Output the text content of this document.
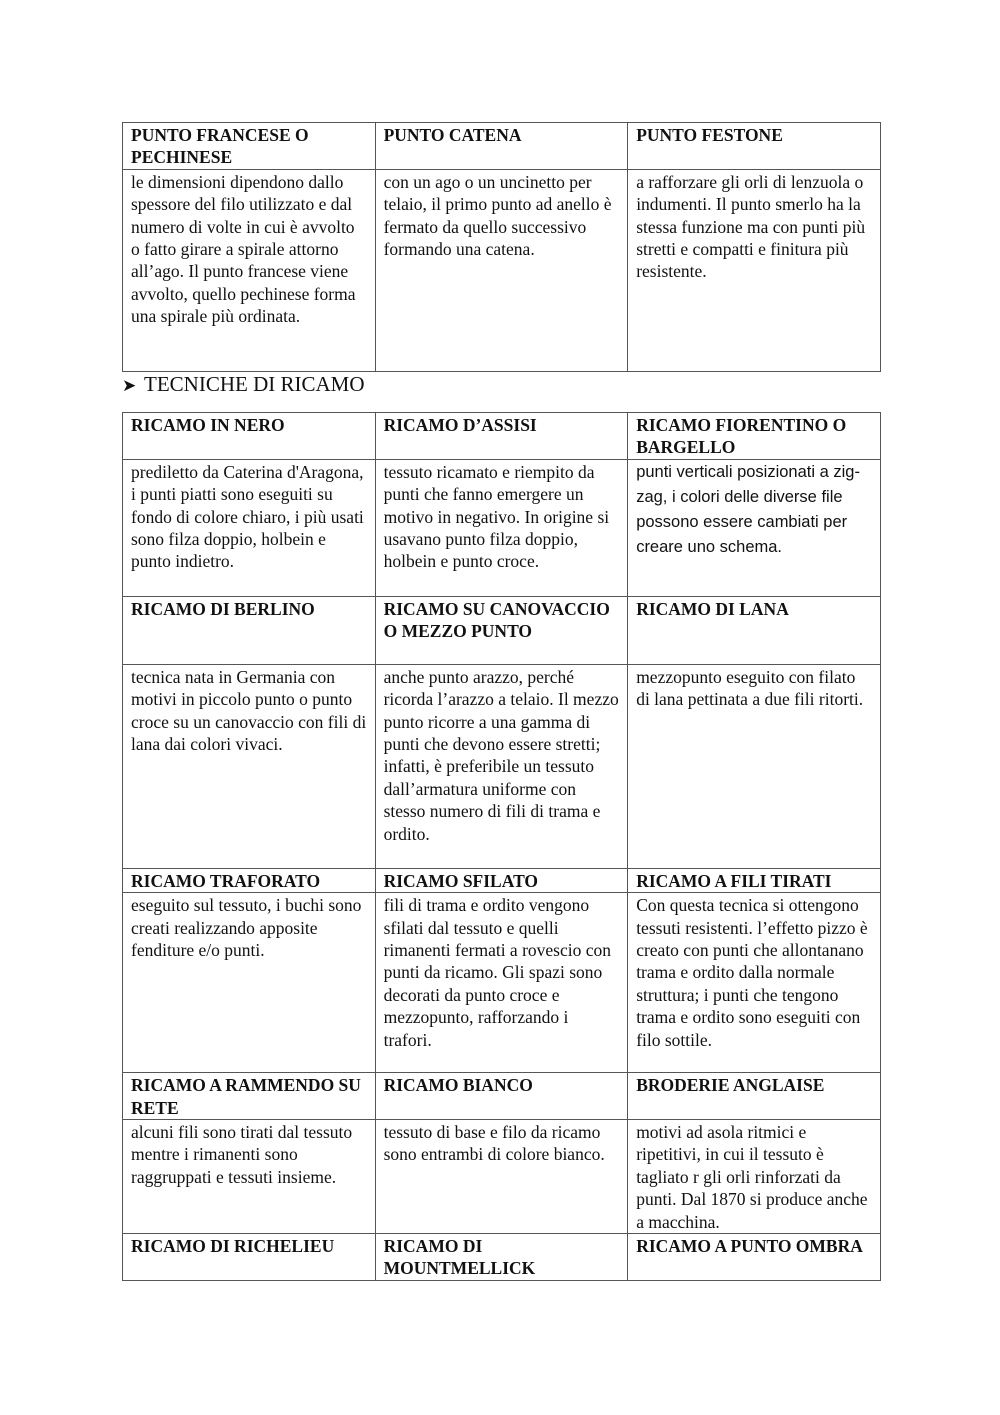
PUNTO FRANCESE O PECHINESE	PUNTO CATENA	PUNTO FESTONE
le dimensioni dipendono dallo spessore del filo utilizzato e dal numero di volte in cui è avvolto o fatto girare a spirale attorno all’ago. Il punto francese viene avvolto, quello pechinese forma una spirale più ordinata.	con un ago o un uncinetto per telaio, il primo punto ad anello è fermato da quello successivo formando una catena.	a rafforzare gli orli di lenzuola o indumenti. Il punto smerlo ha la stessa funzione ma con punti più stretti e compatti e finitura più resistente.
➤ TECNICHE DI RICAMO
RICAMO IN NERO	RICAMO D’ASSISI	RICAMO FIORENTINO O BARGELLO
prediletto da Caterina d'Aragona, i punti piatti sono eseguiti su fondo di colore chiaro, i più usati sono filza doppio, holbein e punto indietro.	tessuto ricamato e riempito da punti che fanno emergere un motivo in negativo. In origine si usavano punto filza doppio, holbein e punto croce.	punti verticali posizionati a zig-zag, i colori delle diverse file possono essere cambiati per creare uno schema.
RICAMO DI BERLINO	RICAMO SU CANOVACCIO O MEZZO PUNTO	RICAMO DI LANA
tecnica nata in Germania con motivi in piccolo punto o punto croce su un canovaccio con fili di lana dai colori vivaci.	anche punto arazzo, perché ricorda l’arazzo a telaio. Il mezzo punto ricorre a una gamma di punti che devono essere stretti; infatti, è preferibile un tessuto dall’armatura uniforme con stesso numero di fili di trama e ordito.	mezzopunto eseguito con filato di lana pettinata a due fili ritorti.
RICAMO TRAFORATO	RICAMO SFILATO	RICAMO A FILI TIRATI
eseguito sul tessuto, i buchi sono creati realizzando apposite fenditure e/o punti.	fili di trama e ordito vengono sfilati dal tessuto e quelli rimanenti fermati a rovescio con punti da ricamo. Gli spazi sono decorati da punto croce e mezzopunto, rafforzando i trafori.	Con questa tecnica si ottengono tessuti resistenti. l’effetto pizzo è creato con punti che allontanano trama e ordito dalla normale struttura; i punti che tengono trama e ordito sono eseguiti con filo sottile.
RICAMO A RAMMENDO SU RETE	RICAMO BIANCO	BRODERIE ANGLAISE
alcuni fili sono tirati dal tessuto mentre i rimanenti sono raggruppati e tessuti insieme.	tessuto di base e filo da ricamo sono entrambi di colore bianco.	motivi ad asola ritmici e ripetitivi, in cui il tessuto è tagliato r gli orli rinforzati da punti. Dal 1870 si produce anche a macchina.
RICAMO DI RICHELIEU	RICAMO DI MOUNTMELLICK	RICAMO A PUNTO OMBRA
